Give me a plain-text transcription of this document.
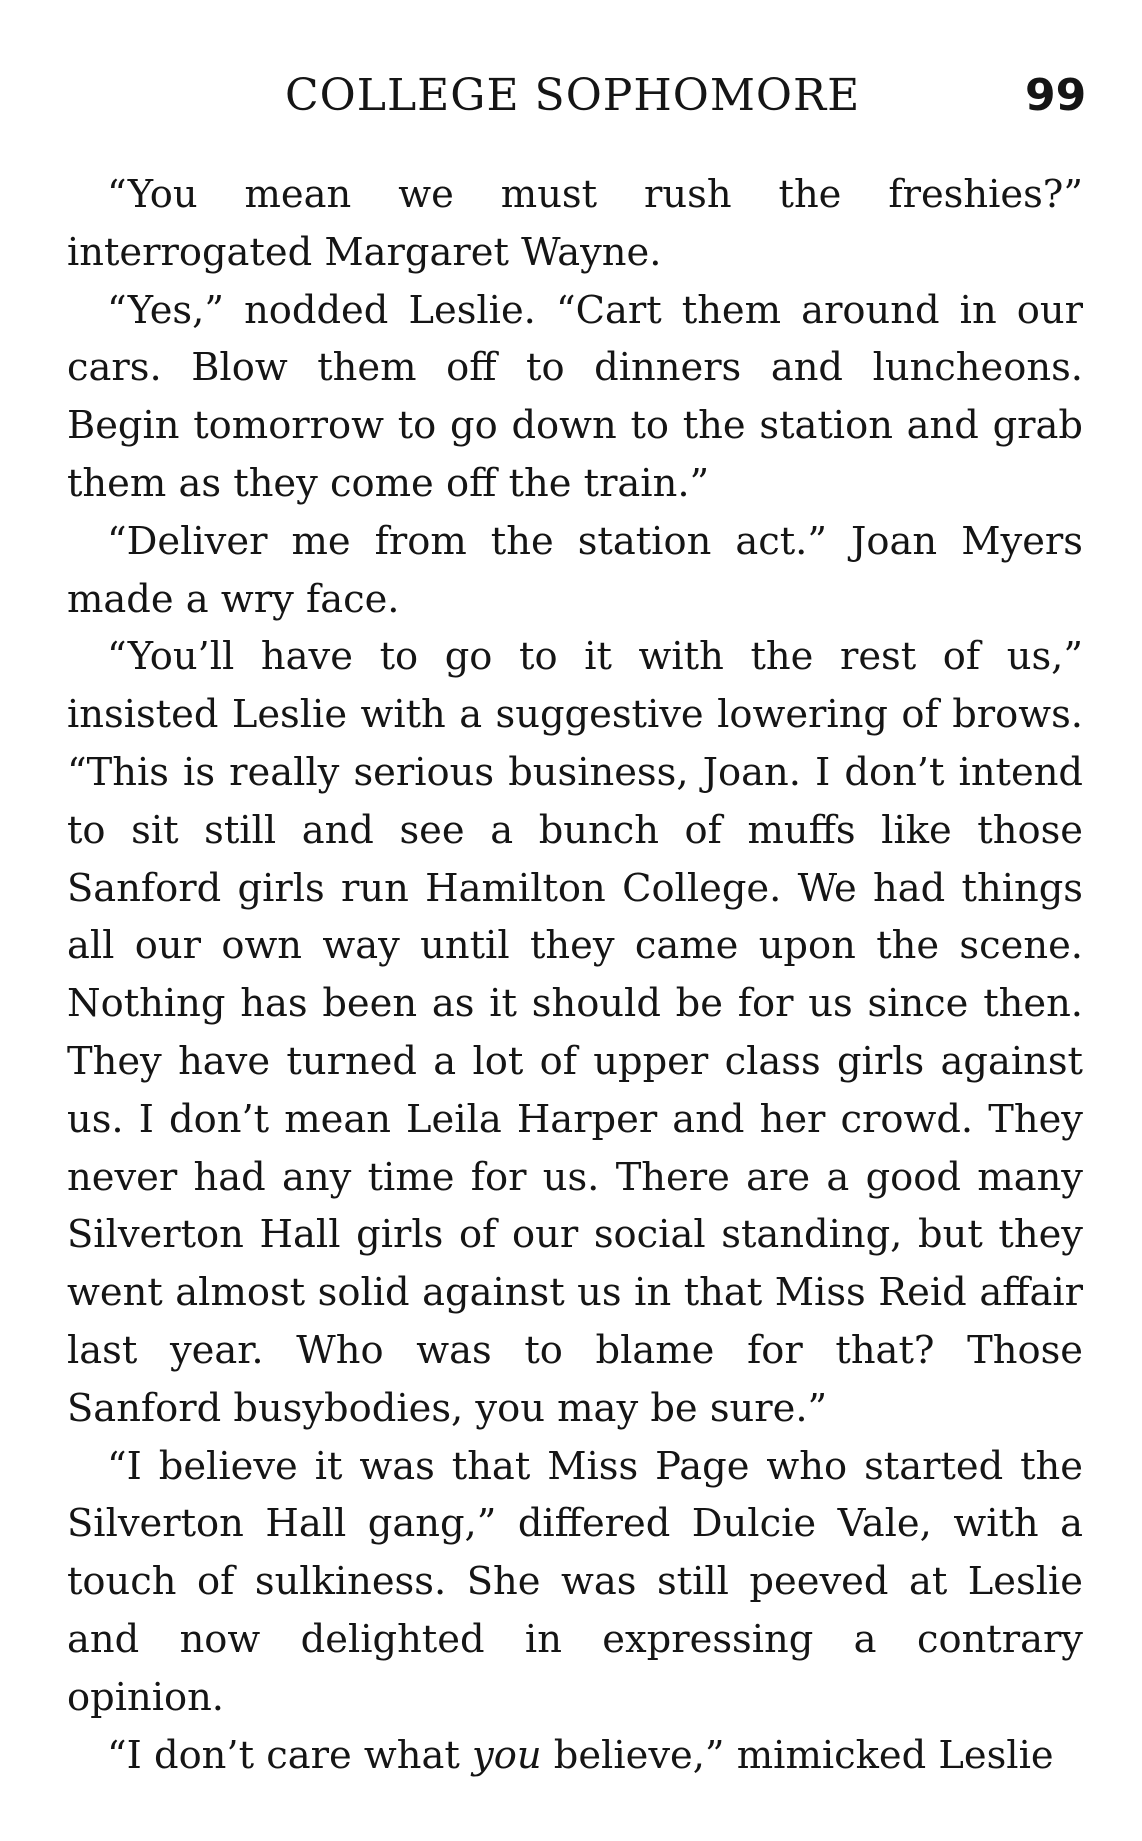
COLLEGE SOPHOMORE	99

“You mean we must rush the freshies?” interrogated Margaret Wayne.

“Yes,” nodded Leslie. “Cart them around in our cars. Blow them off to dinners and luncheons. Begin tomorrow to go down to the station and grab them as they come off the train.”

“Deliver me from the station act.” Joan Myers made a wry face.

“You’ll have to go to it with the rest of us,” insisted Leslie with a suggestive lowering of brows. “This is really serious business, Joan. I don’t intend to sit still and see a bunch of muffs like those Sanford girls run Hamilton College. We had things all our own way until they came upon the scene. Nothing has been as it should be for us since then. They have turned a lot of upper class girls against us. I don’t mean Leila Harper and her crowd. They never had any time for us. There are a good many Silverton Hall girls of our social standing, but they went almost solid against us in that Miss Reid affair last year. Who was to blame for that? Those Sanford busybodies, you may be sure.”

“I believe it was that Miss Page who started the Silverton Hall gang,” differed Dulcie Vale, with a touch of sulkiness. She was still peeved at Leslie and now delighted in expressing a contrary opinion.

“I don’t care what you believe,” mimicked Leslie
